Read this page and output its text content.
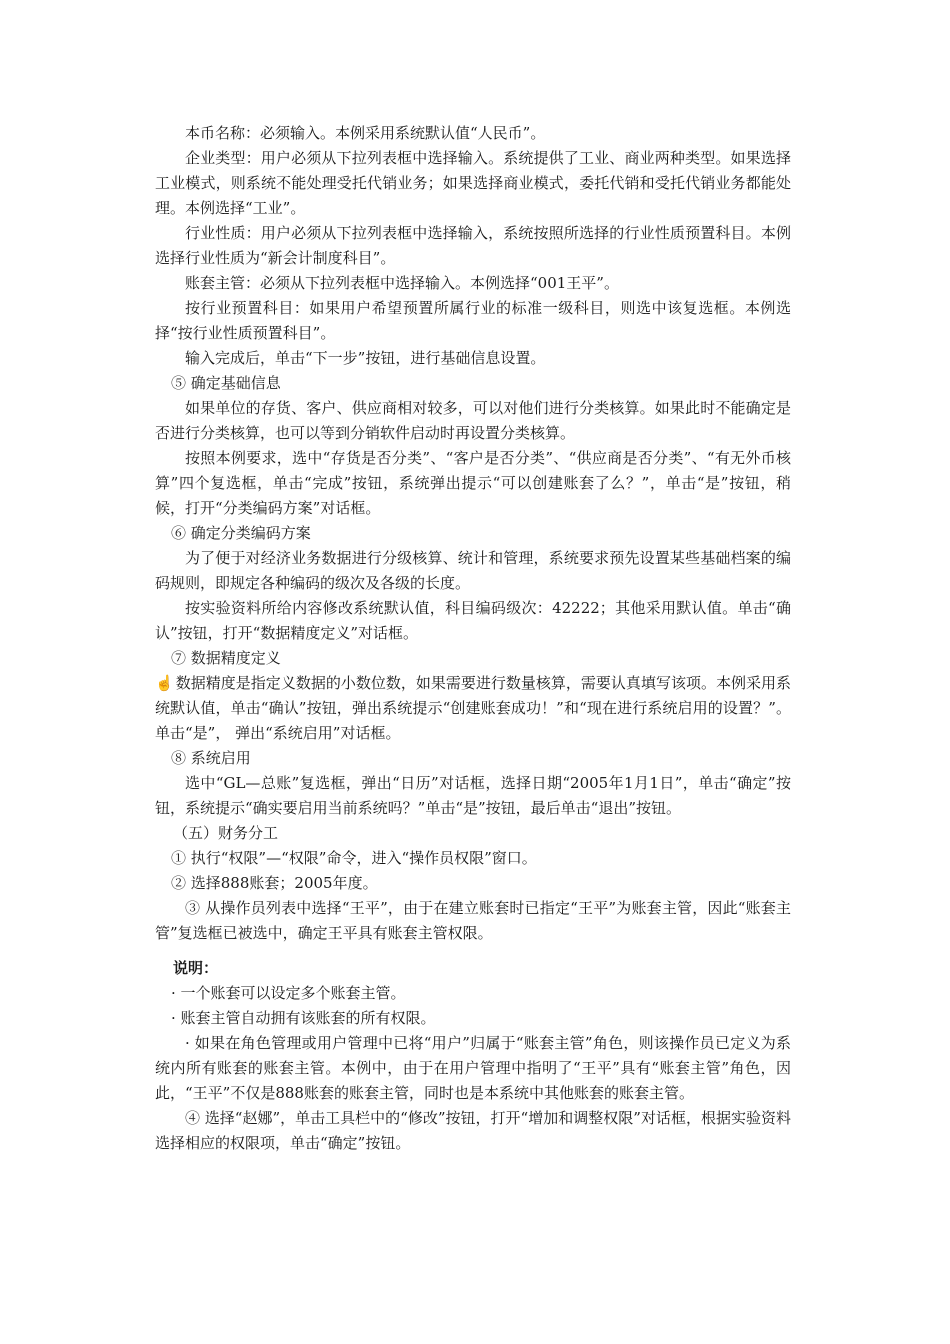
本币名称：必须输入。本例采用系统默认值“人民币”。

企业类型：用户必须从下拉列表框中选择输入。系统提供了工业、商业两种类型。如果选择工业模式，则系统不能处理受托代销业务；如果选择商业模式，委托代销和受托代销业务都能处理。本例选择“工业”。

行业性质：用户必须从下拉列表框中选择输入，系统按照所选择的行业性质预置科目。本例选择行业性质为“新会计制度科目”。

账套主管：必须从下拉列表框中选择输入。本例选择“001王平”。

按行业预置科目：如果用户希望预置所属行业的标准一级科目，则选中该复选框。本例选择“按行业性质预置科目”。

输入完成后，单击“下一步”按钮，进行基础信息设置。

⑤ 确定基础信息

如果单位的存货、客户、供应商相对较多，可以对他们进行分类核算。如果此时不能确定是否进行分类核算，也可以等到分销软件启动时再设置分类核算。

按照本例要求，选中“存货是否分类”、“客户是否分类”、“供应商是否分类”、“有无外币核算”四个复选框，单击“完成”按钮，系统弹出提示“可以创建账套了么？”，单击“是”按钮，稍候，打开“分类编码方案”对话框。

⑥ 确定分类编码方案

为了便于对经济业务数据进行分级核算、统计和管理，系统要求预先设置某些基础档案的编码规则，即规定各种编码的级次及各级的长度。

按实验资料所给内容修改系统默认值，科目编码级次：42222；其他采用默认值。单击“确认”按钮，打开“数据精度定义”对话框。

⑦ 数据精度定义

☝ 数据精度是指定义数据的小数位数，如果需要进行数量核算，需要认真填写该项。本例采用系统默认值，单击“确认”按钮，弹出系统提示“创建账套成功！”和“现在进行系统启用的设置？”。单击“是”， 弹出“系统启用”对话框。

⑧ 系统启用

选中“GL—总账”复选框，弹出“日历”对话框，选择日期“2005年1月1日”，单击“确定”按钮，系统提示“确实要启用当前系统吗？”单击“是”按钮，最后单击“退出”按钮。

（五）财务分工

① 执行“权限”—“权限”命令，进入“操作员权限”窗口。

② 选择888账套；2005年度。

③ 从操作员列表中选择“王平”，由于在建立账套时已指定“王平”为账套主管，因此“账套主管”复选框已被选中，确定王平具有账套主管权限。

说明：

· 一个账套可以设定多个账套主管。

· 账套主管自动拥有该账套的所有权限。

· 如果在角色管理或用户管理中已将“用户”归属于“账套主管”角色，则该操作员已定义为系统内所有账套的账套主管。本例中，由于在用户管理中指明了“王平”具有“账套主管”角色，因此，“王平”不仅是888账套的账套主管，同时也是本系统中其他账套的账套主管。

④ 选择“赵娜”，单击工具栏中的“修改”按钮，打开“增加和调整权限”对话框，根据实验资料选择相应的权限项，单击“确定”按钮。
